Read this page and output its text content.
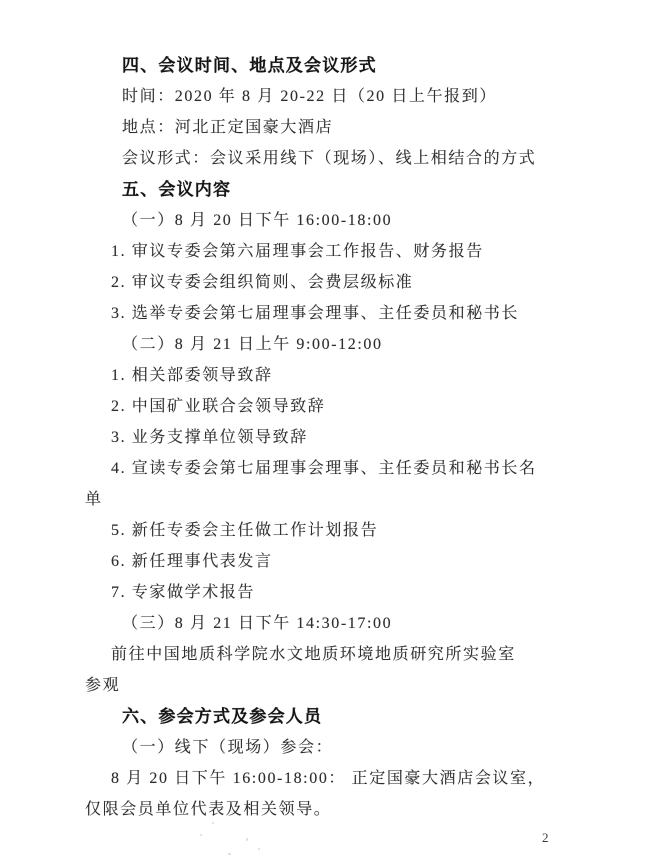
四、会议时间、地点及会议形式
时间：2020 年 8 月 20-22 日（20 日上午报到）
地点：河北正定国豪大酒店
会议形式：会议采用线下（现场）、线上相结合的方式
五、会议内容
（一）8 月 20 日下午 16:00-18:00
1. 审议专委会第六届理事会工作报告、财务报告
2. 审议专委会组织简则、会费层级标准
3. 选举专委会第七届理事会理事、主任委员和秘书长
（二）8 月 21 日上午 9:00-12:00
1. 相关部委领导致辞
2. 中国矿业联合会领导致辞
3. 业务支撑单位领导致辞
4. 宣读专委会第七届理事会理事、主任委员和秘书长名
单
5. 新任专委会主任做工作计划报告
6. 新任理事代表发言
7. 专家做学术报告
（三）8 月 21 日下午 14:30-17:00
前往中国地质科学院水文地质环境地质研究所实验室
参观
六、参会方式及参会人员
（一）线下（现场）参会：
8 月 20 日下午 16:00-18:00： 正定国豪大酒店会议室，
仅限会员单位代表及相关领导。
2
